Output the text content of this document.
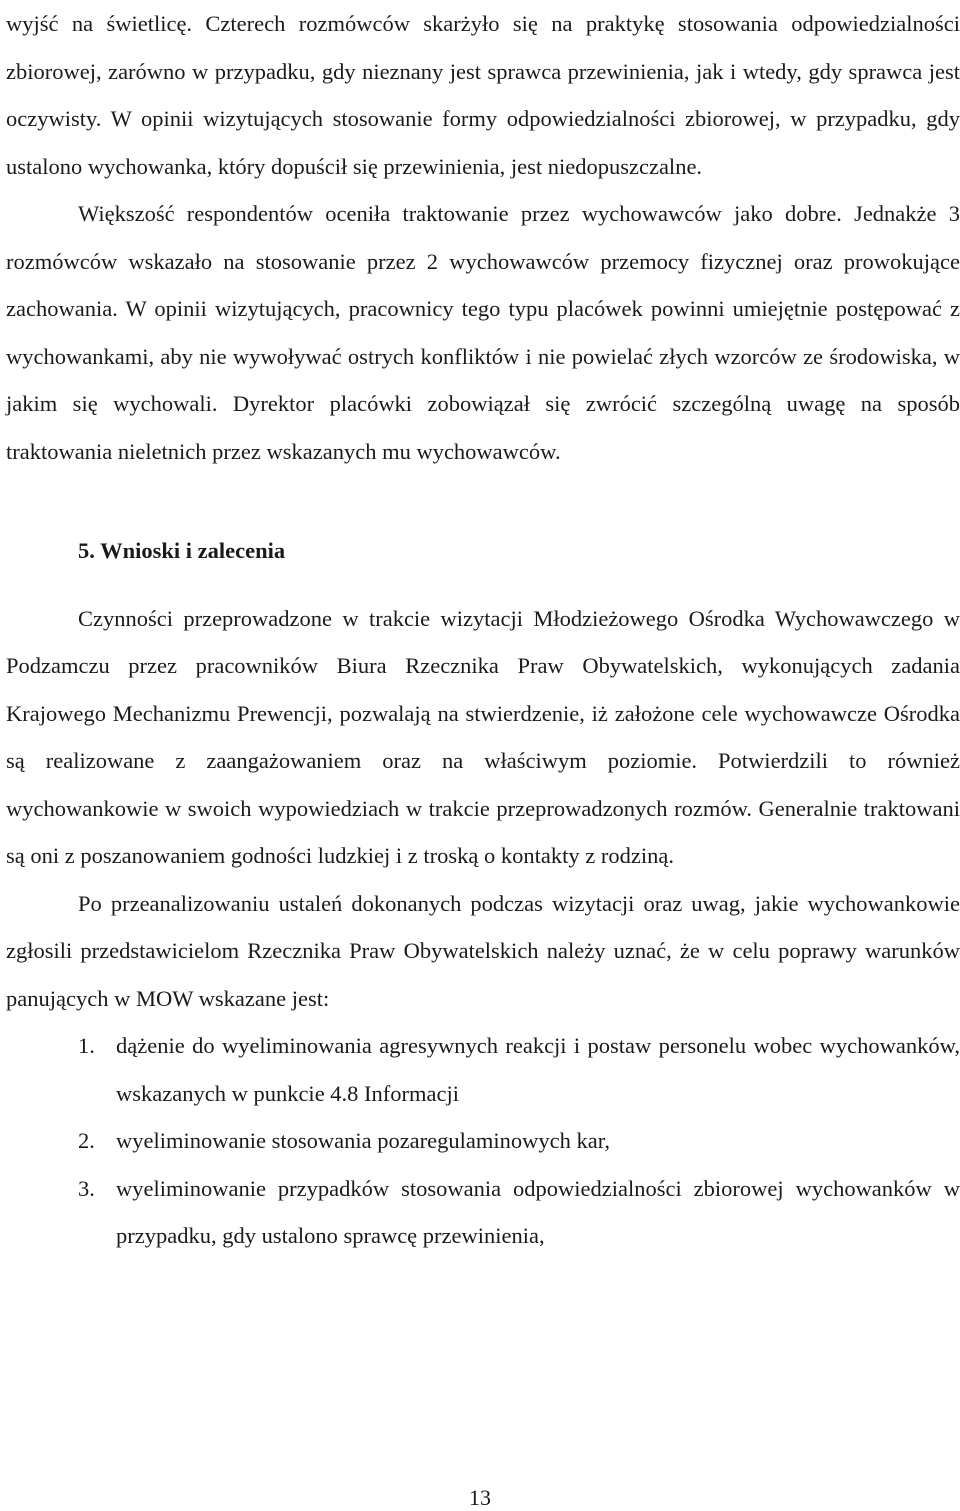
wyjść na świetlicę. Czterech rozmówców skarżyło się na praktykę stosowania odpowiedzialności zbiorowej, zarówno w przypadku, gdy nieznany jest sprawca przewinienia, jak i wtedy, gdy sprawca jest oczywisty. W opinii wizytujących stosowanie formy odpowiedzialności zbiorowej, w przypadku, gdy ustalono wychowanka, który dopuścił się przewinienia, jest niedopuszczalne.

Większość respondentów oceniła traktowanie przez wychowawców jako dobre. Jednakże 3 rozmówców wskazało na stosowanie przez 2 wychowawców przemocy fizycznej oraz prowokujące zachowania. W opinii wizytujących, pracownicy tego typu placówek powinni umiejętnie postępować z wychowankami, aby nie wywoływać ostrych konfliktów i nie powielać złych wzorców ze środowiska, w jakim się wychowali. Dyrektor placówki zobowiązał się zwrócić szczególną uwagę na sposób traktowania nieletnich przez wskazanych mu wychowawców.

5. Wnioski i zalecenia

Czynności przeprowadzone w trakcie wizytacji Młodzieżowego Ośrodka Wychowawczego w Podzamczu przez pracowników Biura Rzecznika Praw Obywatelskich, wykonujących zadania Krajowego Mechanizmu Prewencji, pozwalają na stwierdzenie, iż założone cele wychowawcze Ośrodka są realizowane z zaangażowaniem oraz na właściwym poziomie. Potwierdzili to również wychowankowie w swoich wypowiedziach w trakcie przeprowadzonych rozmów. Generalnie traktowani są oni z poszanowaniem godności ludzkiej i z troską o kontakty z rodziną.

Po przeanalizowaniu ustaleń dokonanych podczas wizytacji oraz uwag, jakie wychowankowie zgłosili przedstawicielom Rzecznika Praw Obywatelskich należy uznać, że w celu poprawy warunków panujących w MOW wskazane jest:

1. dążenie do wyeliminowania agresywnych reakcji i postaw personelu wobec wychowanków, wskazanych w punkcie 4.8 Informacji
2. wyeliminowanie stosowania pozaregulaminowych kar,
3. wyeliminowanie przypadków stosowania odpowiedzialności zbiorowej wychowanków w przypadku, gdy ustalono sprawcę przewinienia,
13
